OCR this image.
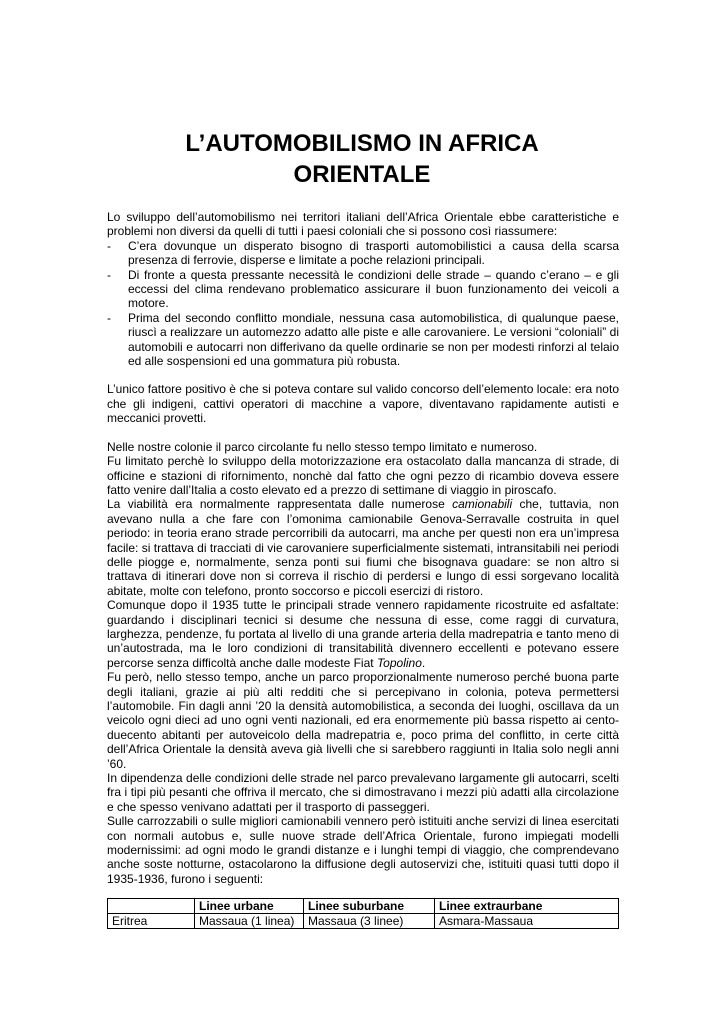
L’AUTOMOBILISMO IN AFRICA
ORIENTALE

Lo sviluppo dell’automobilismo nei territori italiani dell’Africa Orientale ebbe caratteristiche e problemi non diversi da quelli di tutti i paesi coloniali che si possono così riassumere:

- C’era dovunque un disperato bisogno di trasporti automobilistici a causa della scarsa presenza di ferrovie, disperse e limitate a poche relazioni principali.
- Di fronte a questa pressante necessità le condizioni delle strade – quando c’erano – e gli eccessi del clima rendevano problematico assicurare il buon funzionamento dei veicoli a motore.
- Prima del secondo conflitto mondiale, nessuna casa automobilistica, di qualunque paese, riuscì a realizzare un automezzo adatto alle piste e alle carovaniere. Le versioni “coloniali” di automobili e autocarri non differivano da quelle ordinarie se non per modesti rinforzi al telaio ed alle sospensioni ed una gommatura più robusta.

L’unico fattore positivo è che si poteva contare sul valido concorso dell’elemento locale: era noto che gli indigeni, cattivi operatori di macchine a vapore, diventavano rapidamente autisti e meccanici provetti.

Nelle nostre colonie il parco circolante fu nello stesso tempo limitato e numeroso.

Fu limitato perchè lo sviluppo della motorizzazione era ostacolato dalla mancanza di strade, di officine e stazioni di rifornimento, nonchè dal fatto che ogni pezzo di ricambio doveva essere fatto venire dall’Italia a costo elevato ed a prezzo di settimane di viaggio in piroscafo.

La viabilità era normalmente rappresentata dalle numerose camionabili che, tuttavia, non avevano nulla a che fare con l’omonima camionabile Genova-Serravalle costruita in quel periodo: in teoria erano strade percorribili da autocarri, ma anche per questi non era un’impresa facile: si trattava di tracciati di vie carovaniere superficialmente sistemati, intransitabili nei periodi delle piogge e, normalmente, senza ponti sui fiumi che bisognava guadare: se non altro si trattava di itinerari dove non si correva il rischio di perdersi e lungo di essi sorgevano località abitate, molte con telefono, pronto soccorso e piccoli esercizi di ristoro.

Comunque dopo il 1935 tutte le principali strade vennero rapidamente ricostruite ed asfaltate: guardando i disciplinari tecnici si desume che nessuna di esse, come raggi di curvatura, larghezza, pendenze, fu portata al livello di una grande arteria della madrepatria e tanto meno di un’autostrada, ma le loro condizioni di transitabilità divennero eccellenti e potevano essere percorse senza difficoltà anche dalle modeste Fiat Topolino.

Fu però, nello stesso tempo, anche un parco proporzionalmente numeroso perché buona parte degli italiani, grazie ai più alti redditi che si percepivano in colonia, poteva permettersi l’automobile. Fin dagli anni ’20 la densità automobilistica, a seconda dei luoghi, oscillava da un veicolo ogni dieci ad uno ogni venti nazionali, ed era enormemente più bassa rispetto ai cento-duecento abitanti per autoveicolo della madrepatria e, poco prima del conflitto, in certe città dell’Africa Orientale la densità aveva già livelli che si sarebbero raggiunti in Italia solo negli anni ’60.

In dipendenza delle condizioni delle strade nel parco prevalevano largamente gli autocarri, scelti fra i tipi più pesanti che offriva il mercato, che si dimostravano i mezzi più adatti alla circolazione e che spesso venivano adattati per il trasporto di passeggeri.

Sulle carrozzabili o sulle migliori camionabili vennero però istituiti anche servizi di linea esercitati con normali autobus e, sulle nuove strade dell’Africa Orientale, furono impiegati modelli modernissimi: ad ogni modo le grandi distanze e i lunghi tempi di viaggio, che comprendevano anche soste notturne, ostacolarono la diffusione degli autoservizi che, istituiti quasi tutti dopo il 1935-1936, furono i seguenti:

	Linee urbane	Linee suburbane	Linee extraurbane
Eritrea	Massaua (1 linea)	Massaua (3 linee)	Asmara-Massaua
